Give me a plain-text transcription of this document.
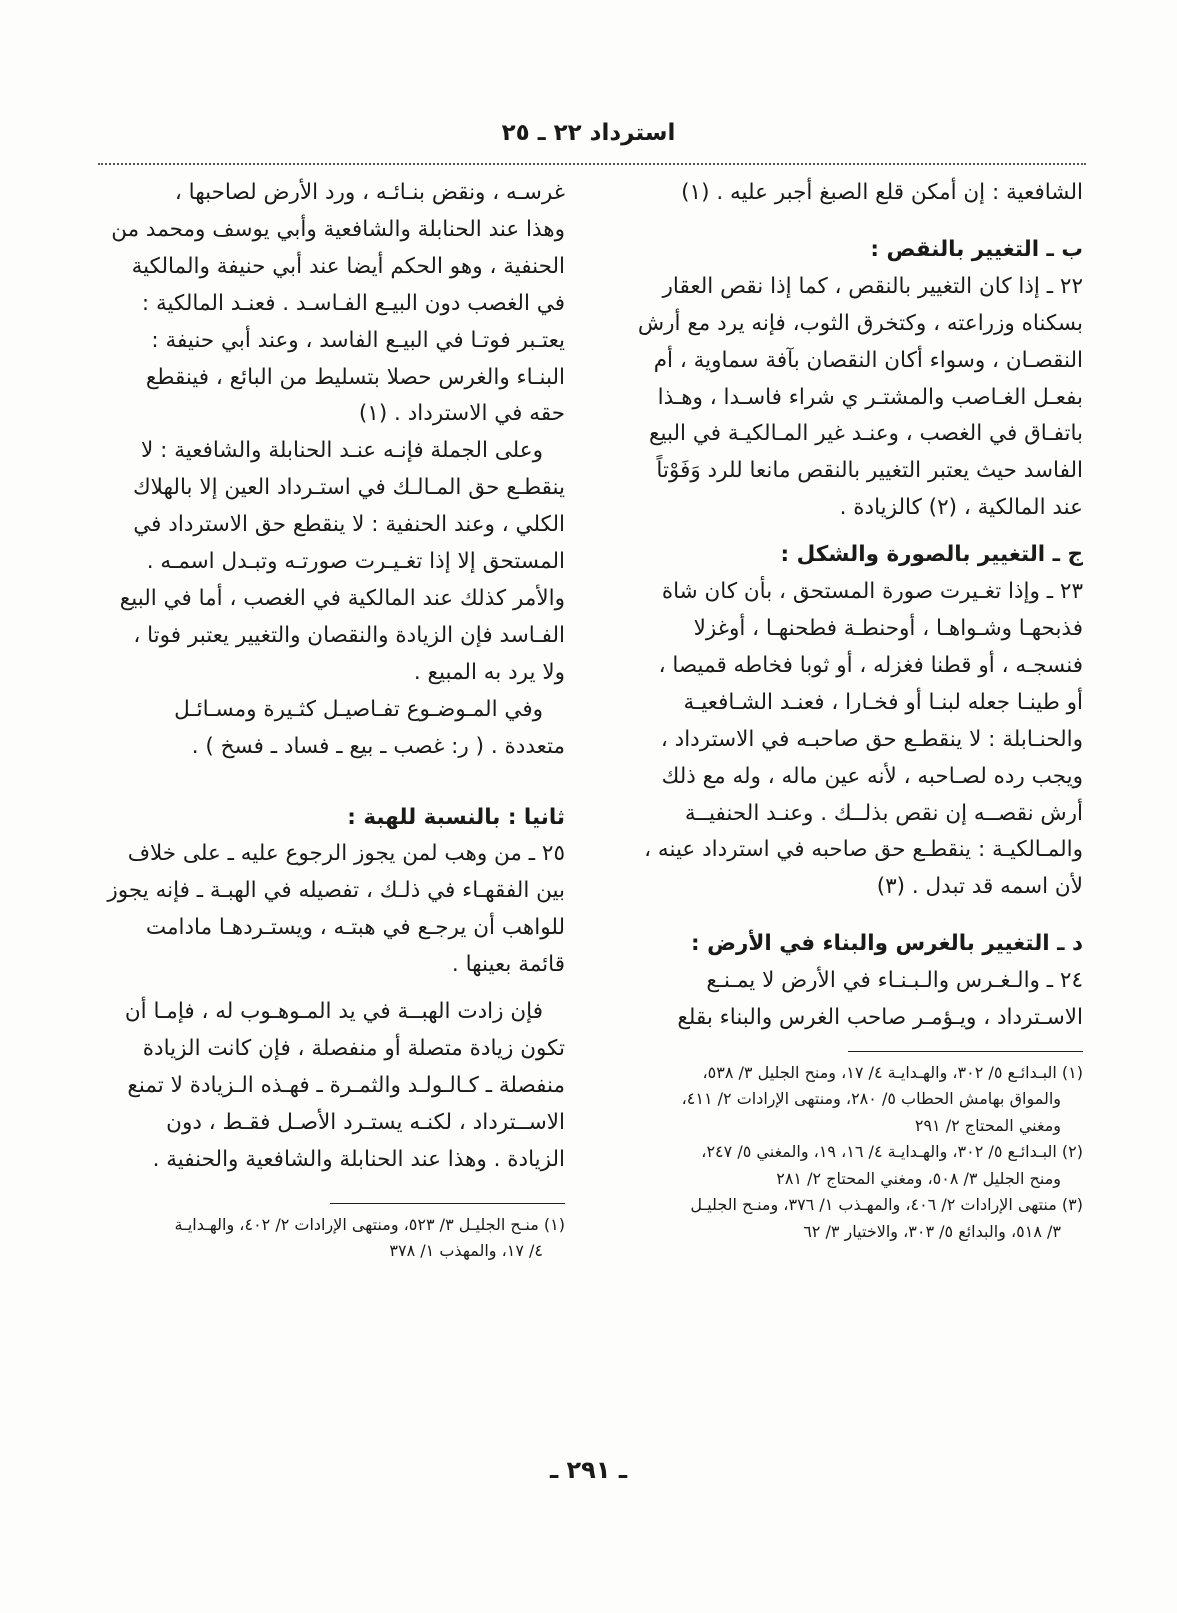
استرداد ٢٢ ـ ٢٥
الشافعية : إن أمكن قلع الصبغ أجبر عليه . (١)
ب ـ التغيير بالنقص :
٢٢ ـ إذا كان التغيير بالنقص ، كما إذا نقص العقار
بسكناه وزراعته ، وكتخرق الثوب، فإنه يرد مع أرش
النقصـان ، وسواء أكان النقصان بآفة سماوية ، أم
بفعـل الغـاصب والمشتـر ي شراء فاسـدا ، وهـذا
باتفـاق في الغصب ، وعنـد غير المـالكيـة في البيع
الفاسد حيث يعتبر التغيير بالنقص مانعا للرد وَفَوْتاً
عند المالكية ، (٢) كالزيادة .
ج ـ التغيير بالصورة والشكل :
٢٣ ـ وإذا تغـيرت صورة المستحق ، بأن كان شاة
فذبحهـا وشـواهـا ، أوحنطـة فطحنهـا ، أوغزلا
فنسجـه ، أو قطنا فغزله ، أو ثوبا فخاطه قميصا ،
أو طينـا جعله لبنـا أو فخـارا ، فعنـد الشـافعيـة
والحنـابلة : لا ينقطـع حق صاحبـه في الاسترداد ،
ويجب رده لصـاحبه ، لأنه عين ماله ، وله مع ذلك
أرش نقصــه إن نقص بذلــك . وعنـد الحنفيــة
والمـالكيـة : ينقطـع حق صاحبه في استرداد عينه ،
لأن اسمه قد تبدل . (٣)
د ـ التغيير بالغرس والبناء في الأرض :
٢٤ ـ والـغـرس والـبـنـاء في الأرض لا يمـنـع
الاسـترداد ، ويـؤمـر صاحب الغرس والبناء بقلع
(١) البـدائـع ٥/ ٣٠٢، والهـدايـة ٤/ ١٧، ومنح الجليل ٣/ ٥٣٨،
والمواق بهامش الحطاب ٥/ ٢٨٠، ومنتهى الإرادات ٢/ ٤١١،
ومغني المحتاج ٢/ ٢٩١
(٢) البـدائـع ٥/ ٣٠٢، والهـدايـة ٤/ ١٦، ١٩، والمغني ٥/ ٢٤٧،
ومنح الجليل ٣/ ٥٠٨، ومغني المحتاج ٢/ ٢٨١
(٣) منتهى الإرادات ٢/ ٤٠٦، والمهـذب ١/ ٣٧٦، ومنـح الجليـل
٣/ ٥١٨، والبدائع ٥/ ٣٠٣، والاختيار ٣/ ٦٢
غرسـه ، ونقض بنـائـه ، ورد الأرض لصاحبها ،
وهذا عند الحنابلة والشافعية وأبي يوسف ومحمد من
الحنفية ، وهو الحكم أيضا عند أبي حنيفة والمالكية
في الغصب دون البيـع الفـاسـد . فعنـد المالكية :
يعتـبر فوتـا في البيـع الفاسد ، وعند أبي حنيفة :
البنـاء والغرس حصلا بتسليط من البائع ، فينقطع
حقه في الاسترداد . (١)
وعلى الجملة فإنـه عنـد الحنابلة والشافعية : لا
ينقطـع حق المـالـك في استـرداد العين إلا بالهلاك
الكلي ، وعند الحنفية : لا ينقطع حق الاسترداد في
المستحق إلا إذا تغـيـرت صورتـه وتبـدل اسمـه .
والأمر كذلك عند المالكية في الغصب ، أما في البيع
الفـاسد فإن الزيادة والنقصان والتغيير يعتبر فوتا ،
ولا يرد به المبيع .
وفي المـوضـوع تفـاصيـل كثـيرة ومسـائـل
متعددة . ( ر: غصب ـ بيع ـ فساد ـ فسخ ) .
ثانيا : بالنسبة للهبة :
٢٥ ـ من وهب لمن يجوز الرجوع عليه ـ على خلاف
بين الفقهـاء في ذلـك ، تفصيله في الهبـة ـ فإنه يجوز
للواهب أن يرجـع في هبتـه ، ويستـردهـا مادامت
قائمة بعينها .
فإن زادت الهبــة في يد المـوهـوب له ، فإمـا أن
تكون زيادة متصلة أو منفصلة ، فإن كانت الزيادة
منفصلة ـ كـالـولـد والثمـرة ـ فهـذه الـزيادة لا تمنع
الاســترداد ، لكنـه يستـرد الأصـل فقـط ، دون
الزيادة . وهذا عند الحنابلة والشافعية والحنفية .
(١) منـح الجليـل ٣/ ٥٢٣، ومنتهى الإرادات ٢/ ٤٠٢، والهـدايـة
٤/ ١٧، والمهذب ١/ ٣٧٨
ـ ٢٩١ ـ
